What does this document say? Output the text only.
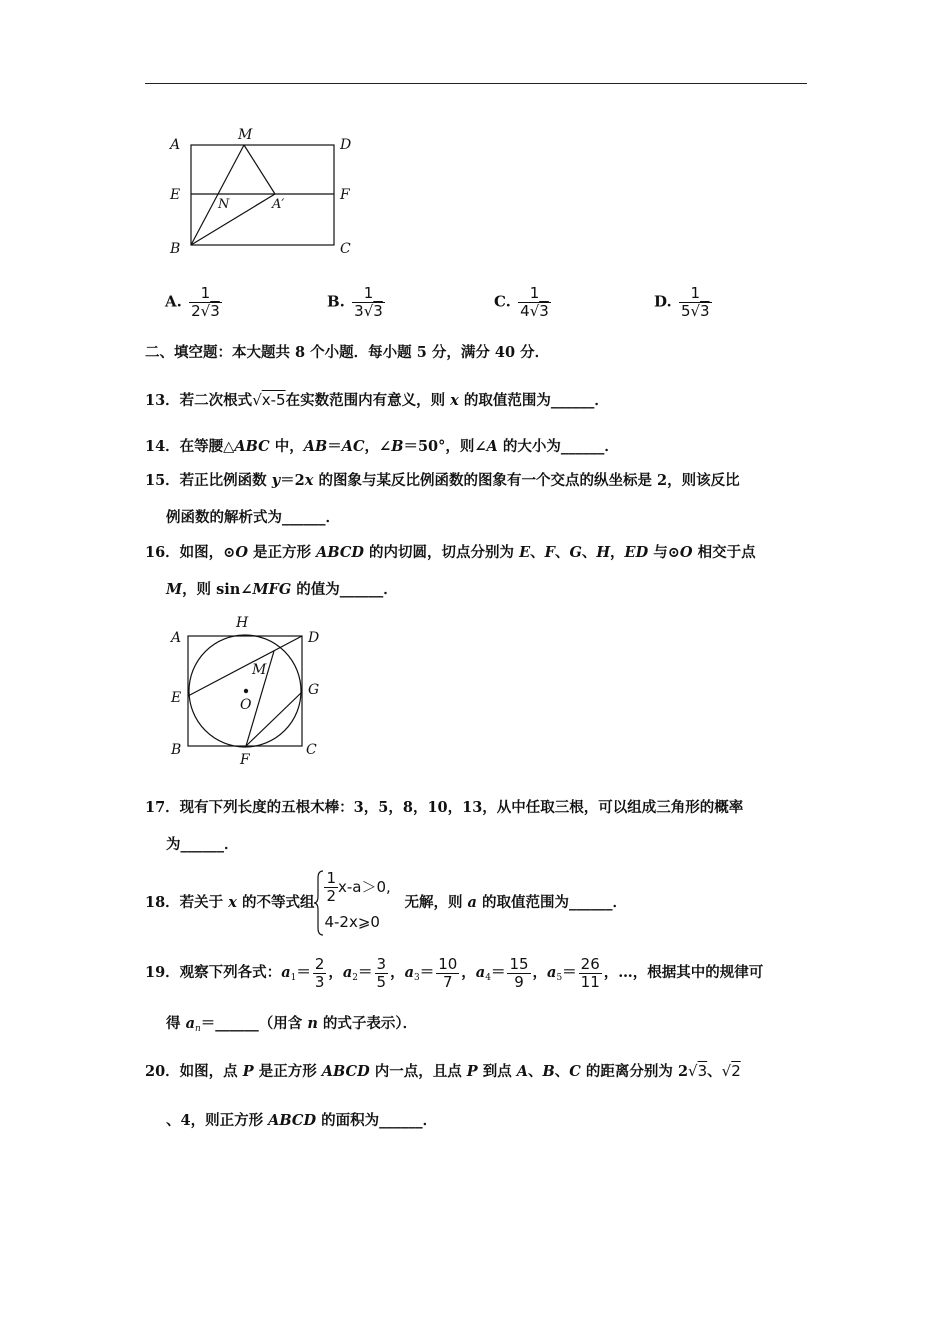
A
M
D
E	F
N	A′
B	C
A. $\frac{1}{2√3}$	B. $\frac{1}{3√3}$	C. $\frac{1}{4√3}$	D. $\frac{1}{5√3}$
二、填空题：本大题共 8 个小题．每小题 5 分，满分 40 分．
13．若二次根式√x-5在实数范围内有意义，则 x 的取值范围为______．
14．在等腰△ABC 中，AB＝AC，∠B＝50°，则∠A 的大小为______．
15．若正比例函数 y＝2x 的图象与某反比例函数的图象有一个交点的纵坐标是 2，则该反比
例函数的解析式为______．
16．如图，⊙O 是正方形 ABCD 的内切圆，切点分别为 E、F、G、H，ED 与⊙O 相交于点
M，则 sin∠MFG 的值为______．
A
H
D
M
E	G
O
B
F
C
17．现有下列长度的五根木棒：3，5，8，10，13，从中任取三根，可以组成三角形的概率
为______．
18．若关于 x 的不等式组 $\frac{1}{2} x-a>0$,
4-2x⩾0
无解，则 a 的取值范围为______．
19．观察下列各式：$a_1= \frac{2}{3}$ ，$a_2= \frac{3}{5}$ ，$a_3= \frac{10}{7}$ ，$a_4= \frac{15}{9}$ ，$a_5= \frac{26}{11}$ ，…，根据其中的规律可
得 $a_n=\_\_\_\_\_\_$（用含 n 的式子表示）．
20．如图，点 P 是正方形 ABCD 内一点，且点 P 到点 A、B、C 的距离分别为 2√3、√2
、4，则正方形 ABCD 的面积为______．
